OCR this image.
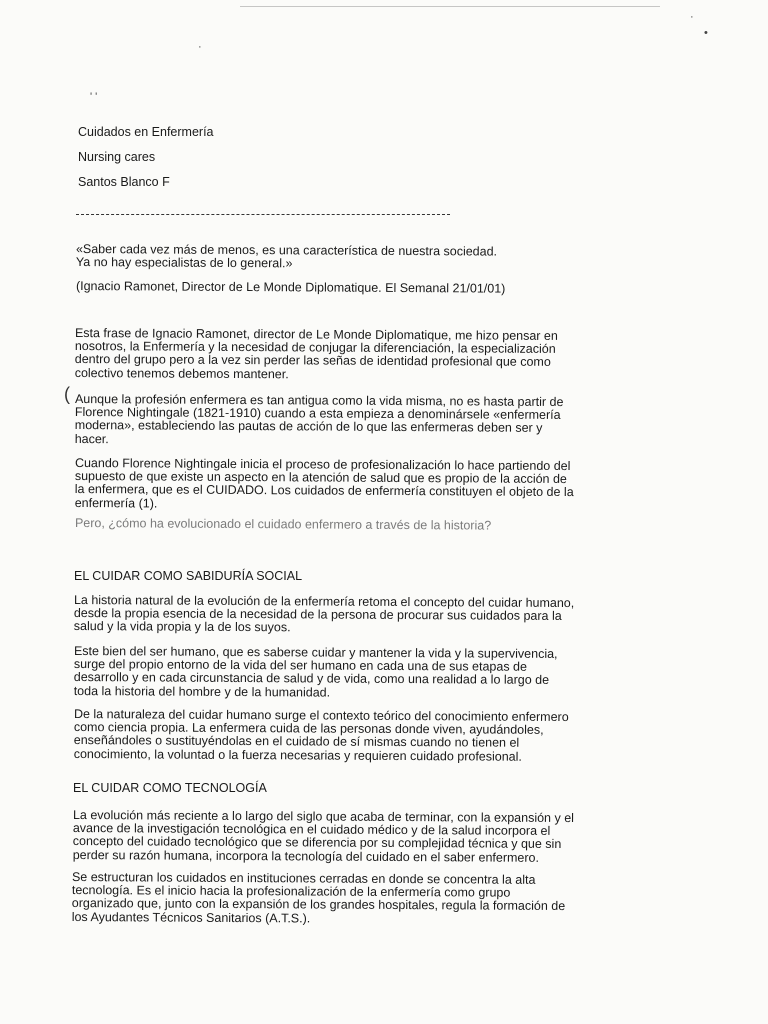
·
•
·
' '
Cuidados en Enfermería
Nursing cares
Santos Blanco F
«Saber cada vez más de menos, es una característica de nuestra sociedad.
Ya no hay especialistas de lo general.»
(Ignacio Ramonet, Director de Le Monde Diplomatique. El Semanal 21/01/01)
Esta frase de Ignacio Ramonet, director de Le Monde Diplomatique, me hizo pensar en
nosotros, la Enfermería y la necesidad de conjugar la diferenciación, la especialización
dentro del grupo pero a la vez sin perder las señas de identidad profesional que como
colectivo tenemos debemos mantener.
( Aunque la profesión enfermera es tan antigua como la vida misma, no es hasta partir de
Florence Nightingale (1821-1910) cuando a esta empieza a denominársele «enfermería
moderna», estableciendo las pautas de acción de lo que las enfermeras deben ser y
hacer.
Cuando Florence Nightingale inicia el proceso de profesionalización lo hace partiendo del
supuesto de que existe un aspecto en la atención de salud que es propio de la acción de
la enfermera, que es el CUIDADO. Los cuidados de enfermería constituyen el objeto de la
enfermería (1).
Pero, ¿cómo ha evolucionado el cuidado enfermero a través de la historia?
EL CUIDAR COMO SABIDURÍA SOCIAL
La historia natural de la evolución de la enfermería retoma el concepto del cuidar humano,
desde la propia esencia de la necesidad de la persona de procurar sus cuidados para la
salud y la vida propia y la de los suyos.
Este bien del ser humano, que es saberse cuidar y mantener la vida y la supervivencia,
surge del propio entorno de la vida del ser humano en cada una de sus etapas de
desarrollo y en cada circunstancia de salud y de vida, como una realidad a lo largo de
toda la historia del hombre y de la humanidad.
De la naturaleza del cuidar humano surge el contexto teórico del conocimiento enfermero
como ciencia propia. La enfermera cuida de las personas donde viven, ayudándoles,
enseñándoles o sustituyéndolas en el cuidado de sí mismas cuando no tienen el
conocimiento, la voluntad o la fuerza necesarias y requieren cuidado profesional.
EL CUIDAR COMO TECNOLOGÍA
La evolución más reciente a lo largo del siglo que acaba de terminar, con la expansión y el
avance de la investigación tecnológica en el cuidado médico y de la salud incorpora el
concepto del cuidado tecnológico que se diferencia por su complejidad técnica y que sin
perder su razón humana, incorpora la tecnología del cuidado en el saber enfermero.
Se estructuran los cuidados en instituciones cerradas en donde se concentra la alta
tecnología. Es el inicio hacia la profesionalización de la enfermería como grupo
organizado que, junto con la expansión de los grandes hospitales, regula la formación de
los Ayudantes Técnicos Sanitarios (A.T.S.).
